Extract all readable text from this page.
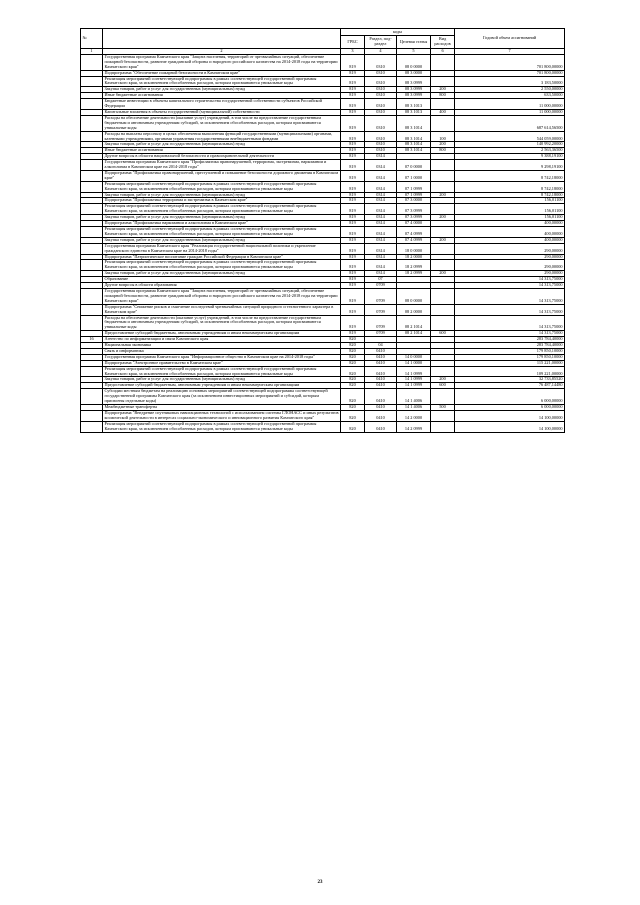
№		коды				Годовой объем ассигнований
		ГРБС	Раздел, под-раздел	Целевая статья	Вид расходов	
1	2	3	4	5	6	7
	Государственная программа Камчатского края "Защита населения, территорий от чрезвычайных ситуаций, обеспечение пожарной безопасности, развитие гражданской обороны и народного российского казачества на 2014-2018 годы на территории Камчатского края"	819	0310	08 0 0000		701 800,00000
	Подпрограмма "Обеспечение пожарной безопасности в Камчатском крае"	819	0310	08 3 0000		701 800,00000
	Реализация мероприятий соответствующей подпрограммы в рамках соответствующей государственной программы Камчатского края, за исключением обособленных расходов, которым присваиваются уникальные коды	819	0310	08 3 0999		3 183,50000
	Закупка товаров, работ и услуг для государственных (муниципальных) нужд	819	0310	08 3 0999	200	2 550,00000
	Иные бюджетные ассигнования	819	0310	08 3 0999	800	633,50000
	Бюджетные инвестиции в объекты капитального строительства государственной собственности субъектов Российской Федерации	819	0310	08 3 1013		11 000,00000
	Капитальные вложения в объекты государственной (муниципальной) собственности	819	0310	08 3 1013	400	11 000,00000
	Расходы на обеспечение деятельности (оказание услуг) учреждений, в том числе на предоставление государственным бюджетным и автономным учреждениям субсидий, за исключением обособленных расходов, которым присваиваются уникальные коды	819	0310	08 3 1014		687 614,56500
	Расходы на выплаты персоналу в целях обеспечения выполнения функций государственными (муниципальными) органами, казенными учреждениями, органами управления государственными внебюджетными фондами	819	0310	08 3 1014	100	544 059,00000
	Закупка товаров, работ и услуг для государственных (муниципальных) нужд	819	0310	08 3 1014	200	140 992,20000
	Иные бюджетные ассигнования	819	0310	08 3 1014	800	2 563,36500
	Другие вопросы в области национальной безопасности и правоохранительной деятельности	819	0314			9 388,19100
	Государственная программа Камчатского края "Профилактика правонарушений, терроризма, экстремизма, наркомании и алкоголизма в Камчатском крае на 2014-2018 годы"	819	0314	07 0 0000		9 298,19100
	Подпрограмма "Профилактика правонарушений, преступлений и повышение безопасности дорожного движения в Камчатском крае"	819	0314	07 1 0000		8 742,18000
	Реализация мероприятий соответствующей подпрограммы в рамках соответствующей государственной программы Камчатского края, за исключением обособленных расходов, которым присваиваются уникальные коды	819	0314	07 1 0999		8 742,18000
	Закупка товаров, работ и услуг для государственных (муниципальных) нужд	819	0314	07 1 0999	200	8 742,18000
	Подпрограмма "Профилактика терроризма и экстремизма в Камчатском крае"	819	0314	07 3 0000		156,01100
	Реализация мероприятий соответствующей подпрограммы в рамках соответствующей государственной программы Камчатского края, за исключением обособленных расходов, которым присваиваются уникальные коды	819	0314	07 3 0999		156,01100
	Закупка товаров, работ и услуг для государственных (муниципальных) нужд	819	0314	07 3 0999	200	156,01100
	Подпрограмма "Профилактика наркомании и алкоголизма в Камчатском крае"	819	0314	07 4 0000		400,00000
	Реализация мероприятий соответствующей подпрограммы в рамках соответствующей государственной программы Камчатского края, за исключением обособленных расходов, которым присваиваются уникальные коды	819	0314	07 4 0999		400,00000
	Закупка товаров, работ и услуг для государственных (муниципальных) нужд	819	0314	07 4 0999	200	400,00000
	Государственная программа Камчатского края "Реализация государственной национальной политики и укрепление гражданского единства в Камчатском крае на 2014-2018 годы"	819	0314	18 0 0000		290,00000
	Подпрограмма "Патриотическое воспитание граждан Российской Федерации в Камчатском крае"	819	0314	18 2 0000		290,00000
	Реализация мероприятий соответствующей подпрограммы в рамках соответствующей государственной программы Камчатского края, за исключением обособленных расходов, которым присваиваются уникальные коды	819	0314	18 2 0999		290,00000
	Закупка товаров, работ и услуг для государственных (муниципальных) нужд	819	0314	18 2 0999	200	290,00000
	Образование	819	07			14 313,75000
	Другие вопросы в области образования	819	0709			14 313,75000
	Государственная программа Камчатского края "Защита населения, территорий от чрезвычайных ситуаций, обеспечение пожарной безопасности, развитие гражданской обороны и народного российского казачества на 2014-2018 годы на территории Камчатского края"	819	0709	08 0 0000		14 313,75000
	Подпрограмма "Снижение рисков и смягчение последствий чрезвычайных ситуаций природного и техногенного характера в Камчатском крае"	819	0709	08 2 0000		14 313,75000
	Расходы на обеспечение деятельности (оказание услуг) учреждений, в том числе на предоставление государственным бюджетным и автономным учреждениям субсидий, за исключением обособленных расходов, которым присваиваются уникальные коды	819	0709	08 2 1014		14 313,75000
	Предоставление субсидий бюджетным, автономным учреждениям и иным некоммерческим организациям	819	0709	08 2 1014	600	14 313,75000
16	Агентство по информатизации и связи Камчатского края	820				283 784,40000
	Национальная экономика	820	04			283 784,40000
	Связь и информатика	820	0410			179 850,10000
	Государственная программа Камчатского края "Информационное общество в Камчатском крае на 2014-2018 годы"	820	0410	14 0 0000		179 850,10000
	Подпрограмма "Электронное правительство в Камчатском крае"	820	0410	14 1 0000		115 221,00000
	Реализация мероприятий соответствующей подпрограммы в рамках соответствующей государственной программы Камчатского края, за исключением обособленных расходов, которым присваиваются уникальные коды	820	0410	14 1 0999		109 221,00000
	Закупка товаров, работ и услуг для государственных (муниципальных) нужд	820	0410	14 1 0999	200	32 733,85520
	Предоставление субсидий бюджетным, автономным учреждениям и иным некоммерческим организациям	820	0410	14 1 0999	600	76 487,14480
	Субсидии местным бюджетам на реализацию основных мероприятий соответствующей подпрограммы соответствующей государственной программы Камчатского края (за исключением инвестиционных мероприятий и субсидий, которым присвоены отдельные коды)	820	0410	14 1 4006		6 000,00000
	Межбюджетные трансферты	820	0410	14 1 4006	500	6 000,00000
	Подпрограмма "Внедрение спутниковых навигационных технологий с использованием системы ГЛОНАСС и иных результатов космической деятельности в интересах социально-экономического и инновационного развития Камчатского края"	820	0410	14 2 0000		14 100,00000
	Реализация мероприятий соответствующей подпрограммы в рамках соответствующей государственной программы Камчатского края, за исключением обособленных расходов, которым присваиваются уникальные коды	820	0410	14 2 0999		14 100,00000
23
